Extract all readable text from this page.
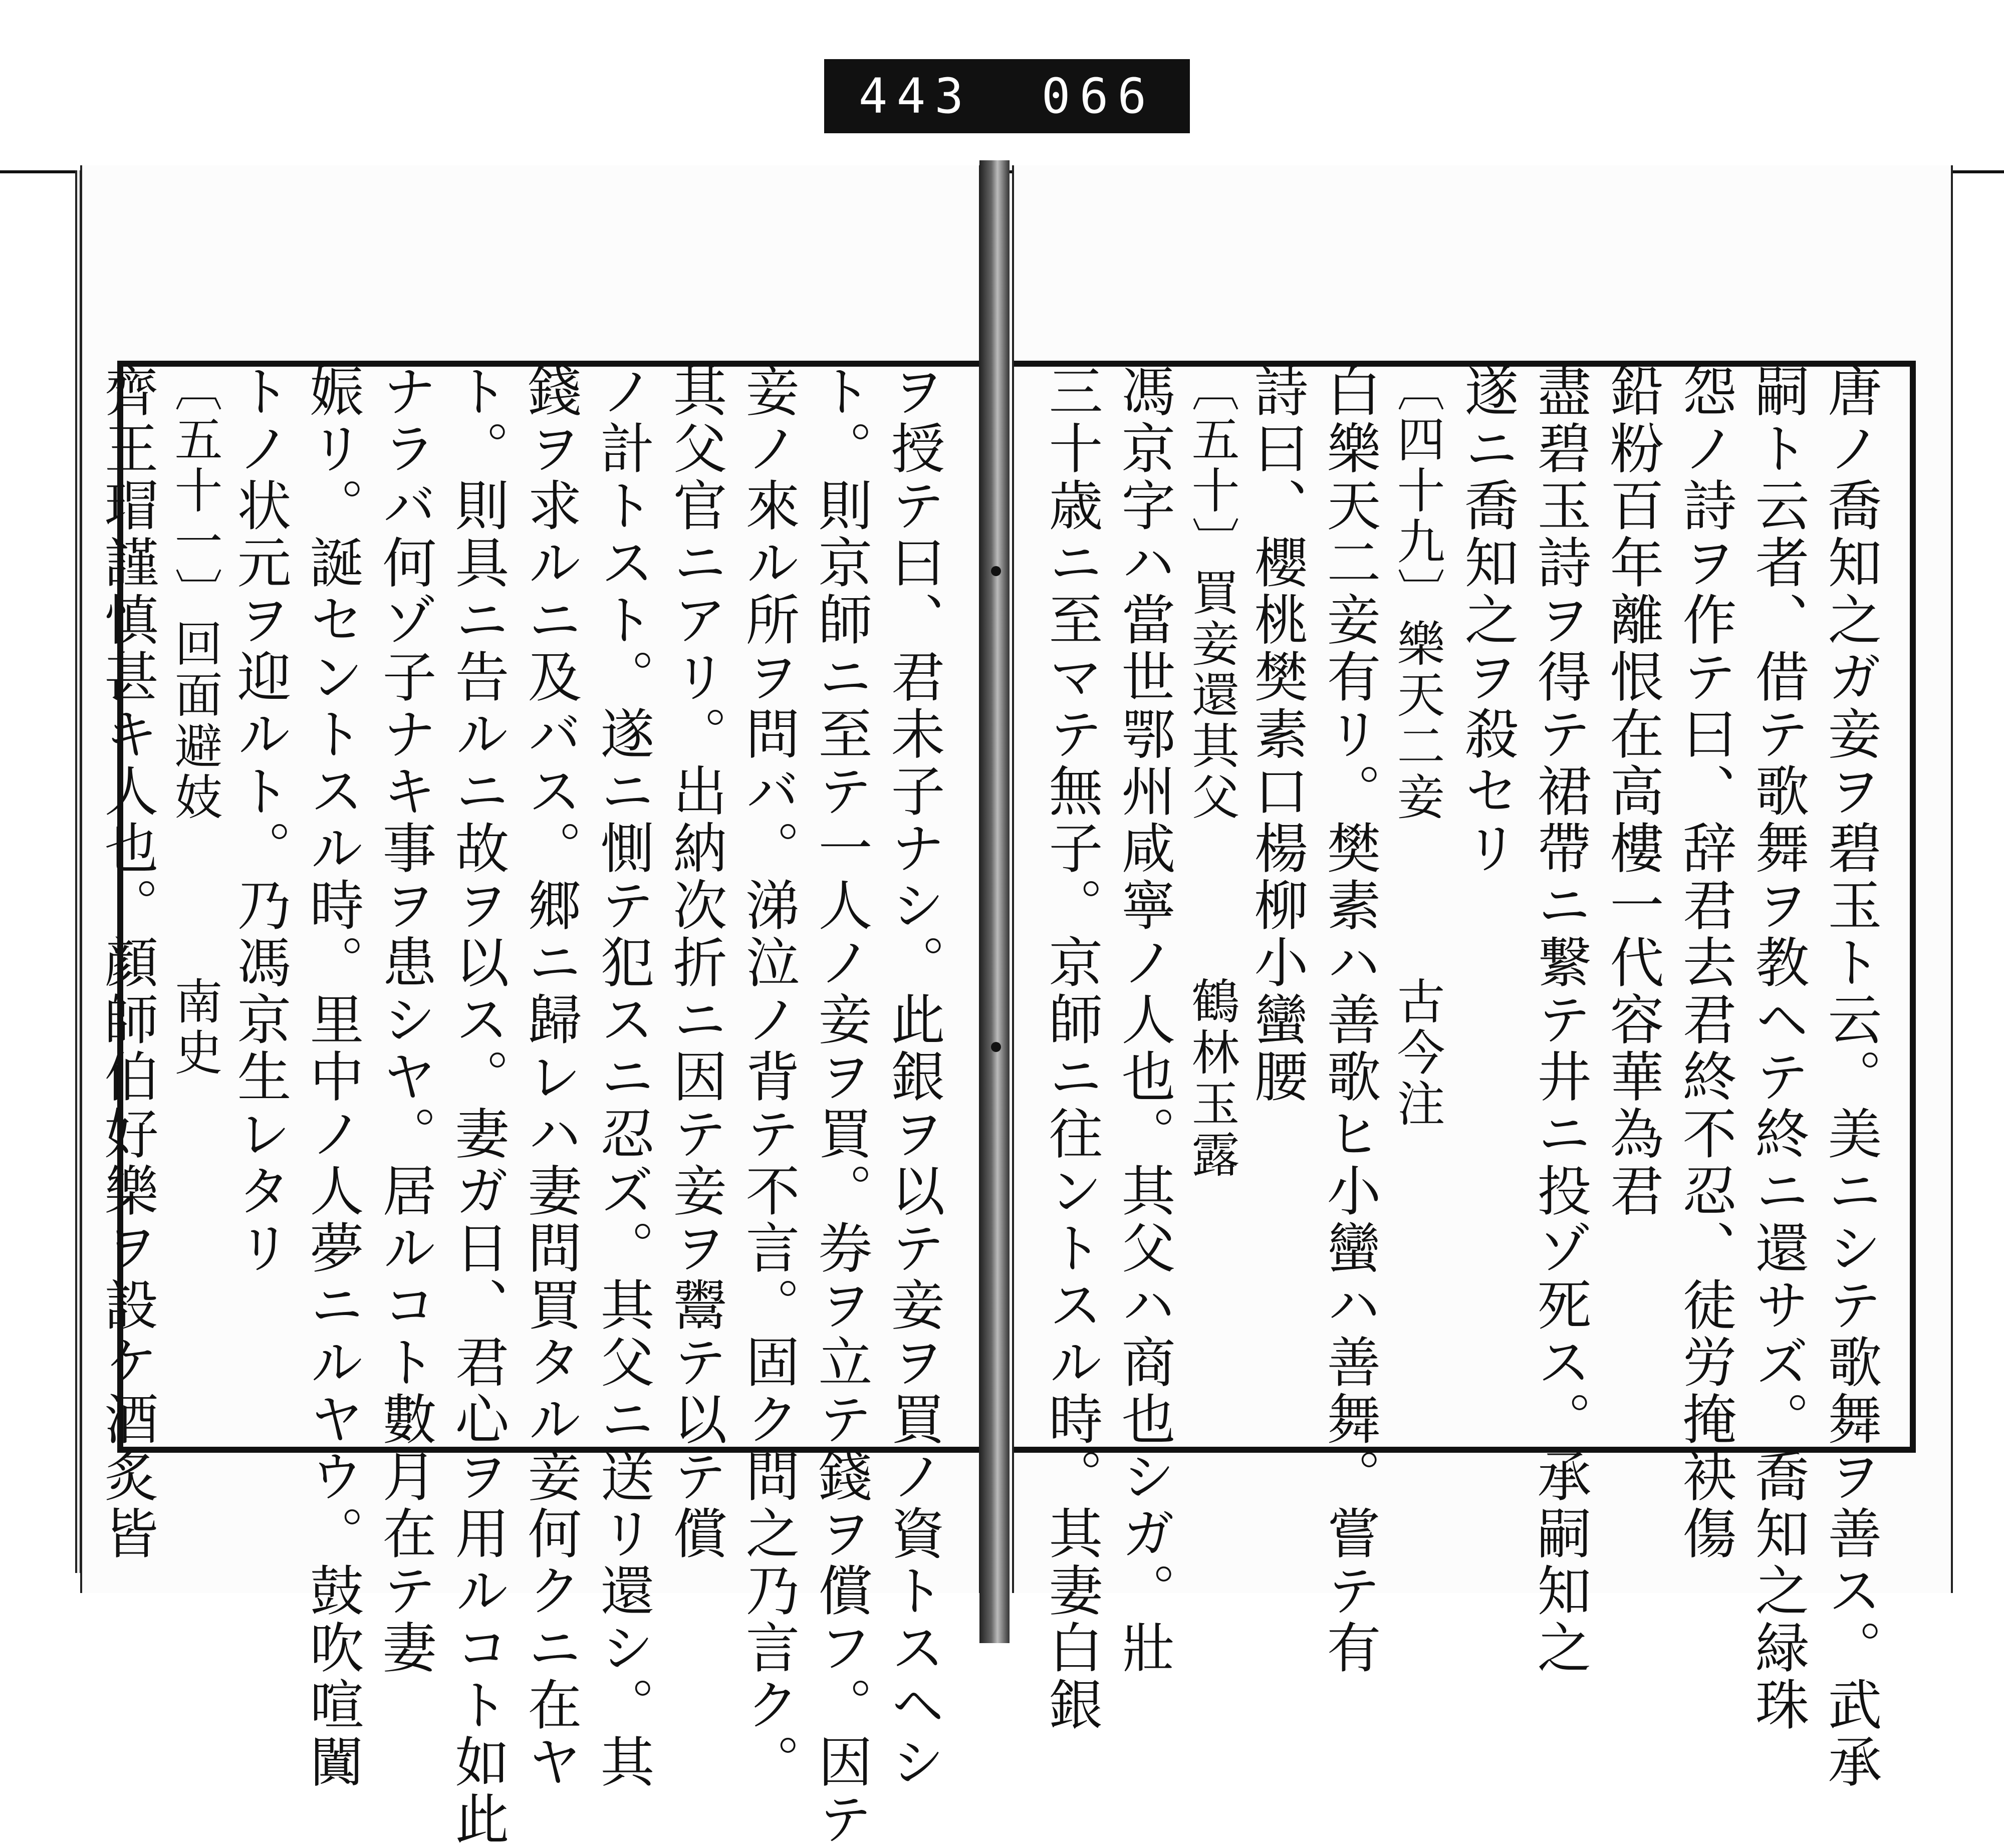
443 066
ヲ授テ曰、君未子ナシ。此銀ヲ以テ妾ヲ買ノ資トスヘシ
ト。則京師ニ至テ一人ノ妾ヲ買。券ヲ立テ錢ヲ償フ。因テ
妾ノ來ル所ヲ問バ。涕泣ノ背テ不言。固ク問之乃言ク。
其父官ニアリ。出納次折ニ因テ妾ヲ鬻テ以テ償
ノ計トスト。遂ニ惻テ犯スニ忍ズ。其父ニ送リ還シ。其
錢ヲ求ルニ及バス。郷ニ歸レハ妻問買タル妾何クニ在ヤ
ト。則具ニ告ルニ故ヲ以ス。妻ガ日、君心ヲ用ルコト如此
ナラバ何ゾ子ナキ事ヲ患シヤ。居ルコト數月在テ妻
娠リ。誕セントスル時。里中ノ人夢ニルヤウ。鼓吹喧闐
トノ状元ヲ迎ルト。乃馮京生レタリ
〔五十一〕回面避妓　　　南史
齊王瑁謹慎甚キ人也。顔師伯好樂ヲ設ケ酒炙皆	唐ノ喬知之ガ妾ヲ碧玉ト云。美ニシテ歌舞ヲ善ス。武承
嗣ト云者、借テ歌舞ヲ教ヘテ終ニ還サズ。喬知之緑珠
怨ノ詩ヲ作テ曰、辞君去君終不忍、徒労掩袂傷
鉛粉百年離恨在高樓一代容華為君
盡碧玉詩ヲ得テ裙帶ニ繋テ井ニ投ゾ死ス。承嗣知之
遂ニ喬知之ヲ殺セリ
〔四十九〕樂天二妾　　　古今注
白樂天二妾有リ。樊素ハ善歌ヒ小蠻ハ善舞。嘗テ有
詩曰、櫻桃樊素口楊柳小蠻腰
〔五十〕買妾還其父　　　鶴林玉露
馮京字ハ當世鄂州咸寧ノ人也。其父ハ商也シガ。壯
三十歳ニ至マテ無子。京師ニ往ントスル時。其妻白銀
